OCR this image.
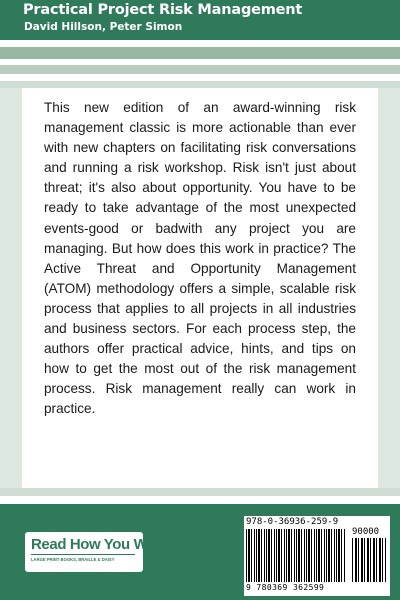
Practical Project Risk Management
David Hillson, Peter Simon

This new edition of an award-winning risk management classic is more actionable than ever with new chapters on facilitating risk conversations and running a risk workshop. Risk isn't just about threat; it's also about opportunity. You have to be ready to take advantage of the most unexpected events-good or badwith any project you are managing. But how does this work in practice? The Active Threat and Opportunity Management (ATOM) methodology offers a simple, scalable risk process that applies to all projects in all industries and business sectors. For each process step, the authors offer practical advice, hints, and tips on how to get the most out of the risk management process. Risk management really can work in practice.

Read How You Want
LARGE PRINT BOOKS, BRAILLE & DAISY
978-0-36936-259-9
90000
9 780369 362599
